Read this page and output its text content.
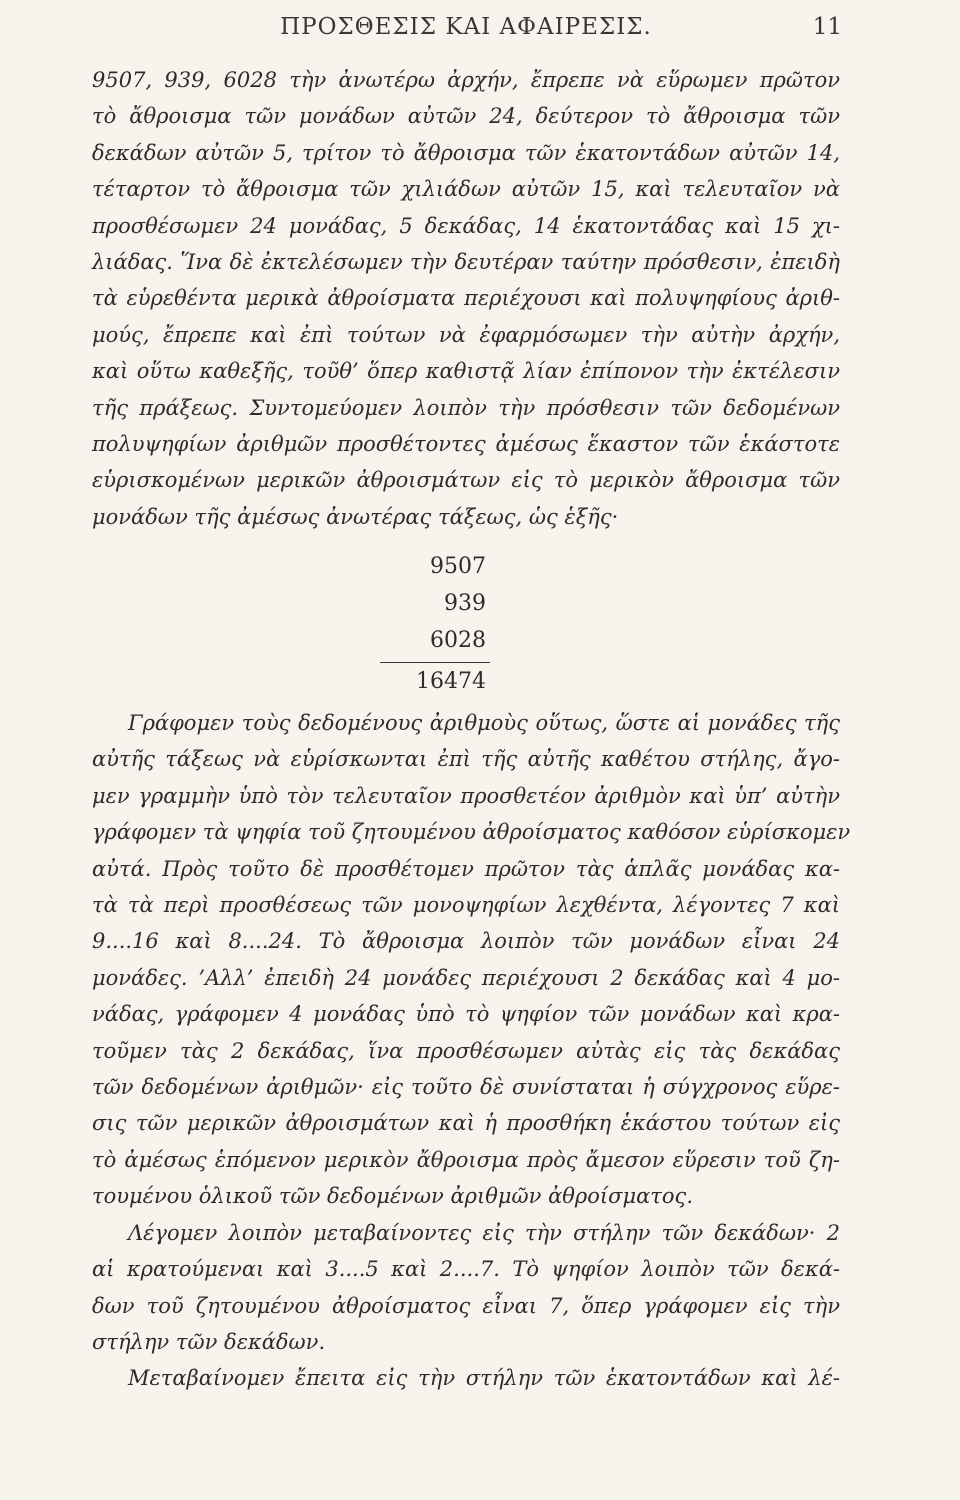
ΠΡΟΣΘΕΣΙΣ ΚΑΙ ΑΦΑΙΡΕΣΙΣ.	11
9507, 939, 6028 τὴν ἀνωτέρω ἀρχήν, ἔπρεπε νὰ εὕρωμεν πρῶτον
τὸ ἄθροισμα τῶν μονάδων αὐτῶν 24, δεύτερον τὸ ἄθροισμα τῶν
δεκάδων αὐτῶν 5, τρίτον τὸ ἄθροισμα τῶν ἑκατοντάδων αὐτῶν 14,
τέταρτον τὸ ἄθροισμα τῶν χιλιάδων αὐτῶν 15, καὶ τελευταῖον νὰ
προσθέσωμεν 24 μονάδας, 5 δεκάδας, 14 ἑκατοντάδας καὶ 15 χι-
λιάδας. Ἵνα δὲ ἐκτελέσωμεν τὴν δευτέραν ταύτην πρόσθεσιν, ἐπειδὴ
τὰ εὑρεθέντα μερικὰ ἀθροίσματα περιέχουσι καὶ πολυψηφίους ἀριθ-
μούς, ἔπρεπε καὶ ἐπὶ τούτων νὰ ἐφαρμόσωμεν τὴν αὐτὴν ἀρχήν,
καὶ οὕτω καθεξῆς, τοῦθ’ ὅπερ καθιστᾷ λίαν ἐπίπονον τὴν ἐκτέλεσιν
τῆς πράξεως. Συντομεύομεν λοιπὸν τὴν πρόσθεσιν τῶν δεδομένων
πολυψηφίων ἀριθμῶν προσθέτοντες ἀμέσως ἕκαστον τῶν ἑκάστοτε
εὑρισκομένων μερικῶν ἀθροισμάτων εἰς τὸ μερικὸν ἄθροισμα τῶν
μονάδων τῆς ἀμέσως ἀνωτέρας τάξεως, ὡς ἑξῆς·
9507
939
6028
16474
Γράφομεν τοὺς δεδομένους ἀριθμοὺς οὕτως, ὥστε αἱ μονάδες τῆς
αὐτῆς τάξεως νὰ εὑρίσκωνται ἐπὶ τῆς αὐτῆς καθέτου στήλης, ἄγο-
μεν γραμμὴν ὑπὸ τὸν τελευταῖον προσθετέον ἀριθμὸν καὶ ὑπ’ αὐτὴν
γράφομεν τὰ ψηφία τοῦ ζητουμένου ἀθροίσματος καθόσον εὑρίσκομεν
αὐτά. Πρὸς τοῦτο δὲ προσθέτομεν πρῶτον τὰς ἁπλᾶς μονάδας κα-
τὰ τὰ περὶ προσθέσεως τῶν μονοψηφίων λεχθέντα, λέγοντες 7 καὶ
9....16 καὶ 8....24. Τὸ ἄθροισμα λοιπὸν τῶν μονάδων εἶναι 24
μονάδες. ’Αλλ’ ἐπειδὴ 24 μονάδες περιέχουσι 2 δεκάδας καὶ 4 μο-
νάδας, γράφομεν 4 μονάδας ὑπὸ τὸ ψηφίον τῶν μονάδων καὶ κρα-
τοῦμεν τὰς 2 δεκάδας, ἵνα προσθέσωμεν αὐτὰς εἰς τὰς δεκάδας
τῶν δεδομένων ἀριθμῶν· εἰς τοῦτο δὲ συνίσταται ἡ σύγχρονος εὕρε-
σις τῶν μερικῶν ἀθροισμάτων καὶ ἡ προσθήκη ἑκάστου τούτων εἰς
τὸ ἀμέσως ἑπόμενον μερικὸν ἄθροισμα πρὸς ἄμεσον εὕρεσιν τοῦ ζη-
τουμένου ὁλικοῦ τῶν δεδομένων ἀριθμῶν ἀθροίσματος.
Λέγομεν λοιπὸν μεταβαίνοντες εἰς τὴν στήλην τῶν δεκάδων· 2
αἱ κρατούμεναι καὶ 3....5 καὶ 2....7. Τὸ ψηφίον λοιπὸν τῶν δεκά-
δων τοῦ ζητουμένου ἀθροίσματος εἶναι 7, ὅπερ γράφομεν εἰς τὴν
στήλην τῶν δεκάδων.
Μεταβαίνομεν ἔπειτα εἰς τὴν στήλην τῶν ἑκατοντάδων καὶ λέ-
